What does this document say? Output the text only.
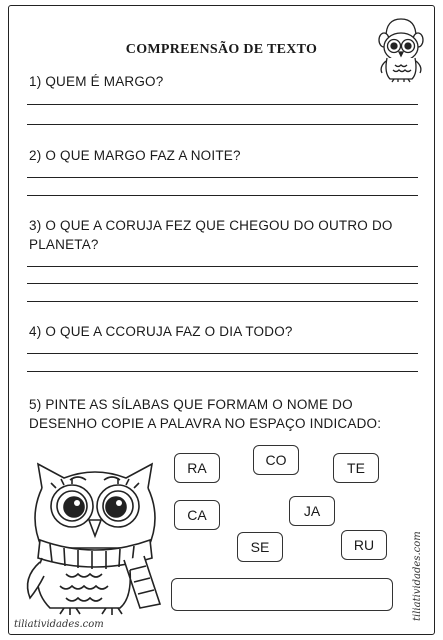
COMPREENSÃO DE TEXTO
1) QUEM É MARGO?
2) O QUE MARGO FAZ A NOITE?
3) O QUE A CORUJA FEZ QUE CHEGOU DO OUTRO DO PLANETA?
4) O QUE A CCORUJA FAZ O DIA TODO?
5) PINTE AS SÍLABAS QUE FORMAM O NOME DO DESENHO COPIE A PALAVRA NO ESPAÇO INDICADO:
RA	CO	TE
CA	JA
SE	RU	tiliatividades.com
tiliatividades.com
